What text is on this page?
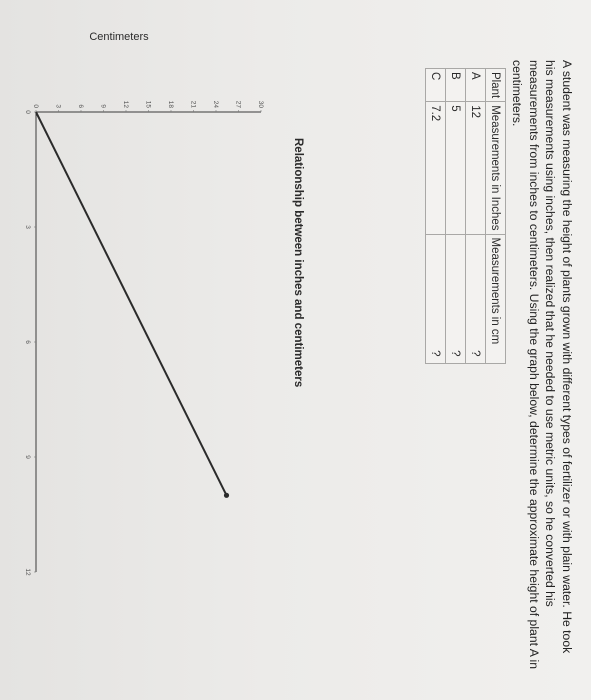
A student was measuring the height of plants grown with different types of fertilizer or with plain water. He took his measurements using inches, then realized that he needed to use metric units, so he converted his measurements from inches to centimeters. Using the graph below, determine the approximate height of plant A in centimeters.

Plant	Measurements in Inches	Measurements in cm
A	12	?
B	5	?
C	7.2	?
Relationship between inches and centimeters
0 3 6 9 12 15 18 21 24 27 30
0
3
6
9
12
Centimeters
